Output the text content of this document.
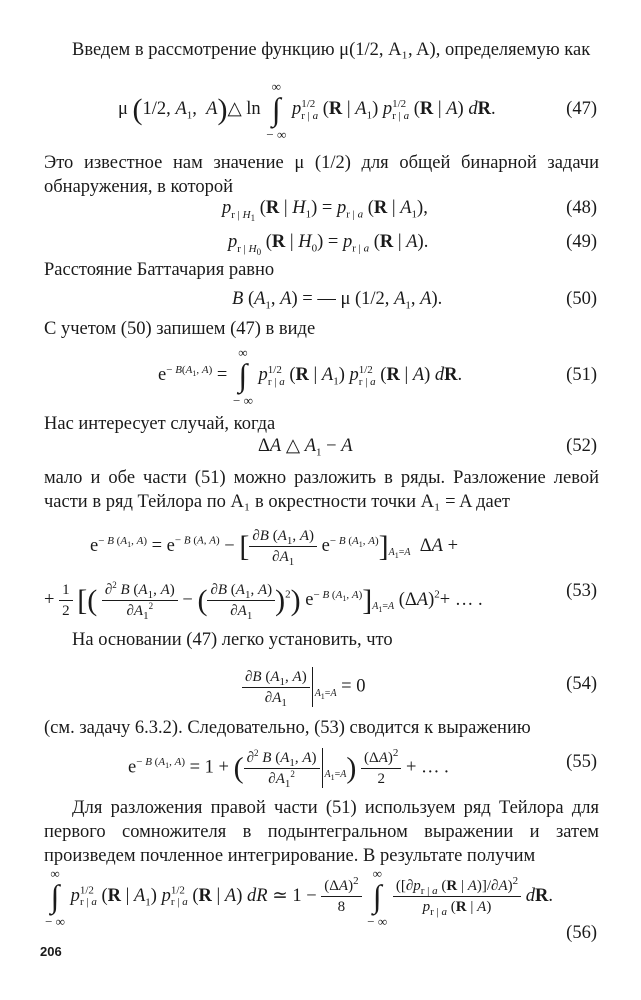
Введем в рассмотрение функцию μ(1/2, A₁, A), определяемую как
μ (1/2, $A_1$,  A)△ ln ∫
∞
− ∞
$p^{1/2}_{r | a}$ (R | $A_1$) $p^{1/2}_{r | a}$ (R | A) dR.	(47)
Это известное нам значение μ (1/2) для общей бинарной задачи обнаружения, в которой
$p_{r | H_1}$ (R | $H_1) = p_{r | a}$ (R | $A_1$),	(48)
$p_{r | H_0}$ (R | $H_0) = p_{r | a}$ (R | A).	(49)
Расстояние Баттачария равно
B ($A_1$, A) = — μ (1/2, $A_1$, A).	(50)
С учетом (50) запишем (47) в виде
$e^{- B(A_1, A)}$ = ∫
∞
− ∞
$p^{1/2}_{r | a}$ (R | $A_1$) $p^{1/2}_{r | a}$ (R | A) dR.	(51)
Нас интересует случай, когда
ΔA △ $A_1 - A$	(52)
мало и обе части (51) можно разложить в ряды. Разложение левой части в ряд Тейлора по A₁ в окрестности точки A₁ = A дает
$e^{- B (A_1, A)} = e^{- B (A, A)}$ − [ $\frac{\partial B (A_1, A)}{\partial A_1} e^{- B (A_1, A)}]_{A_1=A}$  ΔA +
+ $\frac{1}{2}$ [( $\frac{\partial^2 B (A_1, A)}{\partial A_1^2}$ − ( $\frac{\partial B (A_1, A)}{\partial A_1} )^2$) $e^{- B (A_1, A)}]_{A_1=A}$ $(\Delta A)^2+$ … .	(53)
На основании (47) легко установить, что
$\frac{\partial B (A_1, A)}{\partial A_1} _{A_1=A} = 0$	(54)
(см. задачу 6.3.2). Следовательно, (53) сводится к выражению
$e^{- B (A_1, A)} = 1$ + ( $\frac{\partial^2 B (A_1, A)}{\partial A_1^2} _{A_1=A}) \frac{(\Delta A)^2}{2}$ + … .	(55)
Для разложения правой части (51) используем ряд Тейлора для первого сомножителя в подынтегральном выражении и затем произведем почленное интегрирование. В результате получим
∫
∞
− ∞
$p^{1/2}_{r | a}$ (R | $A_1$) $p^{1/2}_{r | a}$ (R | A) dR ≃ $1 - \frac{(\Delta A)^2}{8}$ ∫
∞
− ∞

$\frac{([\partial p_{r | a} (R | A)]/\partial A)^2}{p_{r | a} (R | A)}$ dR.
(56)
206
